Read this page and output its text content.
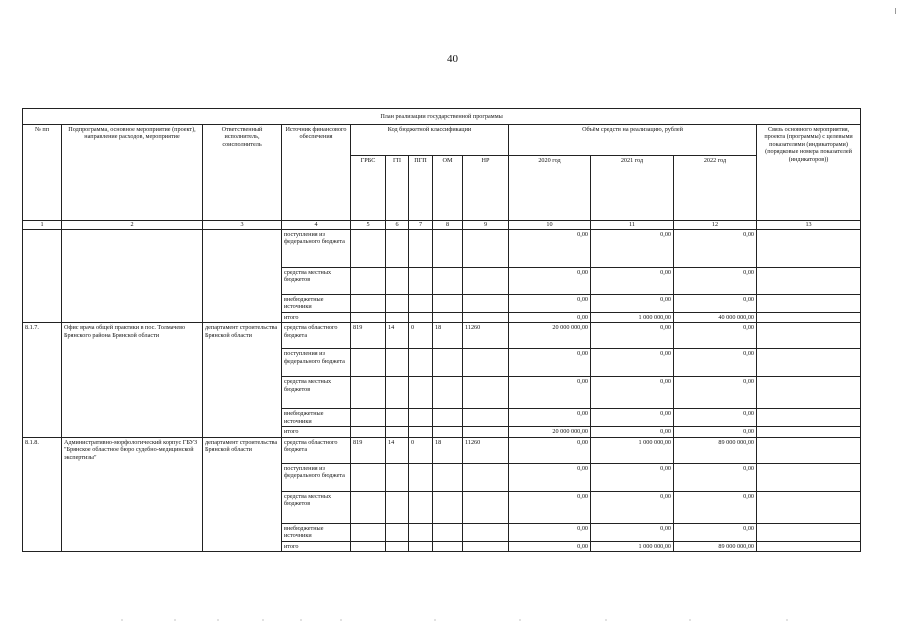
40
План реализации государственной программы												
№ пп	Подпрограмма, основное мероприятие (проект), направление расходов, мероприятие	Ответственный исполнитель, соисполнитель	Источник финансового обеспечения	Код бюджетной классификации					Объём средств на реализацию, рублей			Связь основного мероприятия, проекта (программы) с целевыми показателями (индикаторами) (порядковые номера показателей (индикаторов))
				ГРБС	ГП	ПГП	ОМ	НР	2020 год	2021 год	2022 год	
1	2	3	4	5	6	7	8	9	10	11	12	13
			поступления из федерального бюджета						0,00	0,00	0,00	
			средства местных бюджетов						0,00	0,00	0,00	
			внебюджетные источники						0,00	0,00	0,00	
			итого						0,00	1 000 000,00	40 000 000,00	
8.1.7.	Офис врача общей практики в пос. Толмачево Брянского района Брянской области	департамент строительства Брянской области	средства областного бюджета	819	14	0	18	11260	20 000 000,00	0,00	0,00	
			поступления из федерального бюджета						0,00	0,00	0,00	
			средства местных бюджетов						0,00	0,00	0,00	
			внебюджетные источники						0,00	0,00	0,00	
			итого						20 000 000,00	0,00	0,00	
8.1.8.	Административно-морфологический корпус ГБУЗ "Брянское областное бюро судебно-медицинской экспертизы"	департамент строительства Брянской области	средства областного бюджета	819	14	0	18	11260	0,00	1 000 000,00	89 000 000,00	
			поступления из федерального бюджета						0,00	0,00	0,00	
			средства местных бюджетов						0,00	0,00	0,00	
			внебюджетные источники						0,00	0,00	0,00	
			итого						0,00	1 000 000,00	89 000 000,00	
